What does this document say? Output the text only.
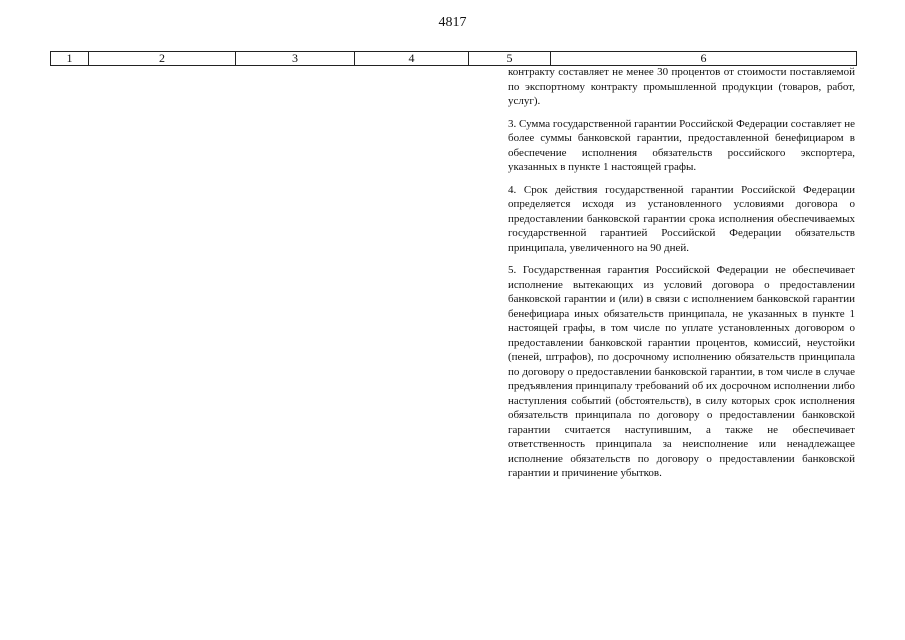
4817
1	2	3	4	5	6

контракту составляет не менее 30 процентов от стоимости поставляемой по экспортному контракту промышленной продукции (товаров, работ, услуг).

3. Сумма государственной гарантии Российской Федерации составляет не более суммы банковской гарантии, предоставленной бенефициаром в обеспечение исполнения обязательств российского экспортера, указанных в пункте 1 настоящей графы.

4. Срок действия государственной гарантии Российской Федерации определяется исходя из установленного условиями договора о предоставлении банковской гарантии срока исполнения обеспечиваемых государственной гарантией Российской Федерации обязательств принципала, увеличенного на 90 дней.

5. Государственная гарантия Российской Федерации не обеспечивает исполнение вытекающих из условий договора о предоставлении банковской гарантии и (или) в связи с исполнением банковской гарантии бенефициара иных обязательств принципала, не указанных в пункте 1 настоящей графы, в том числе по уплате установленных договором о предоставлении банковской гарантии процентов, комиссий, неустойки (пеней, штрафов), по досрочному исполнению обязательств принципала по договору о предоставлении банковской гарантии, в том числе в случае предъявления принципалу требований об их досрочном исполнении либо наступления событий (обстоятельств), в силу которых срок исполнения обязательств принципала по договору о предоставлении банковской гарантии считается наступившим, а также не обеспечивает ответственность принципала за неисполнение или ненадлежащее исполнение обязательств по договору о предоставлении банковской гарантии и причинение убытков.
